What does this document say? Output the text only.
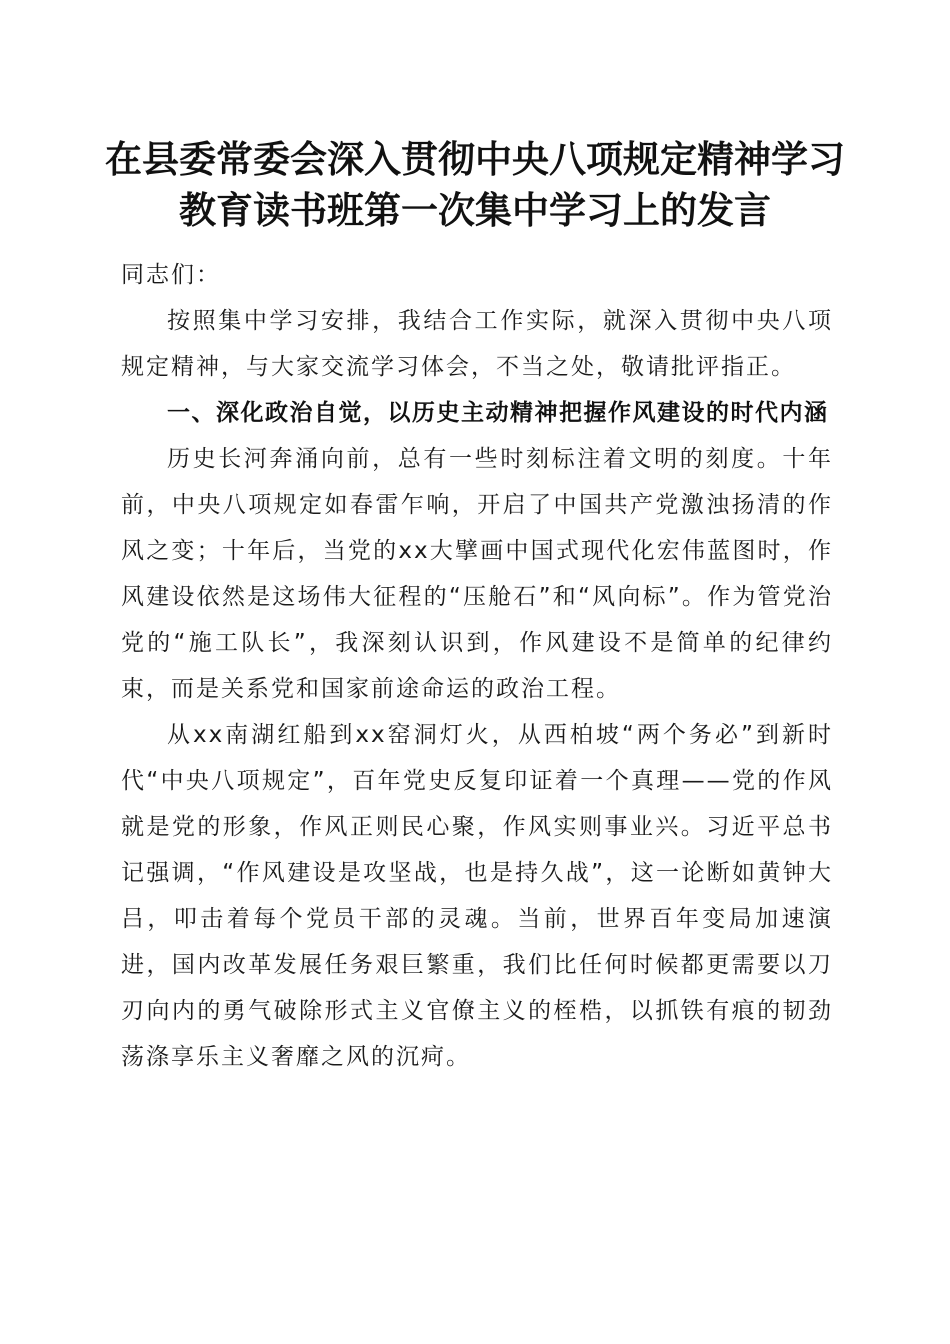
在县委常委会深入贯彻中央八项规定精神学习
教育读书班第一次集中学习上的发言

同志们：

按照集中学习安排，我结合工作实际，就深入贯彻中央八项规定精神，与大家交流学习体会，不当之处，敬请批评指正。

一、深化政治自觉，以历史主动精神把握作风建设的时代内涵

历史长河奔涌向前，总有一些时刻标注着文明的刻度。十年前，中央八项规定如春雷乍响，开启了中国共产党激浊扬清的作风之变；十年后，当党的xx大擘画中国式现代化宏伟蓝图时，作风建设依然是这场伟大征程的“压舱石”和“风向标”。作为管党治党的“施工队长”，我深刻认识到，作风建设不是简单的纪律约束，而是关系党和国家前途命运的政治工程。

从xx南湖红船到xx窑洞灯火，从西柏坡“两个务必”到新时代“中央八项规定”，百年党史反复印证着一个真理——党的作风就是党的形象，作风正则民心聚，作风实则事业兴。习近平总书记强调，“作风建设是攻坚战，也是持久战”，这一论断如黄钟大吕，叩击着每个党员干部的灵魂。当前，世界百年变局加速演进，国内改革发展任务艰巨繁重，我们比任何时候都更需要以刀刃向内的勇气破除形式主义官僚主义的桎梏，以抓铁有痕的韧劲荡涤享乐主义奢靡之风的沉疴。
